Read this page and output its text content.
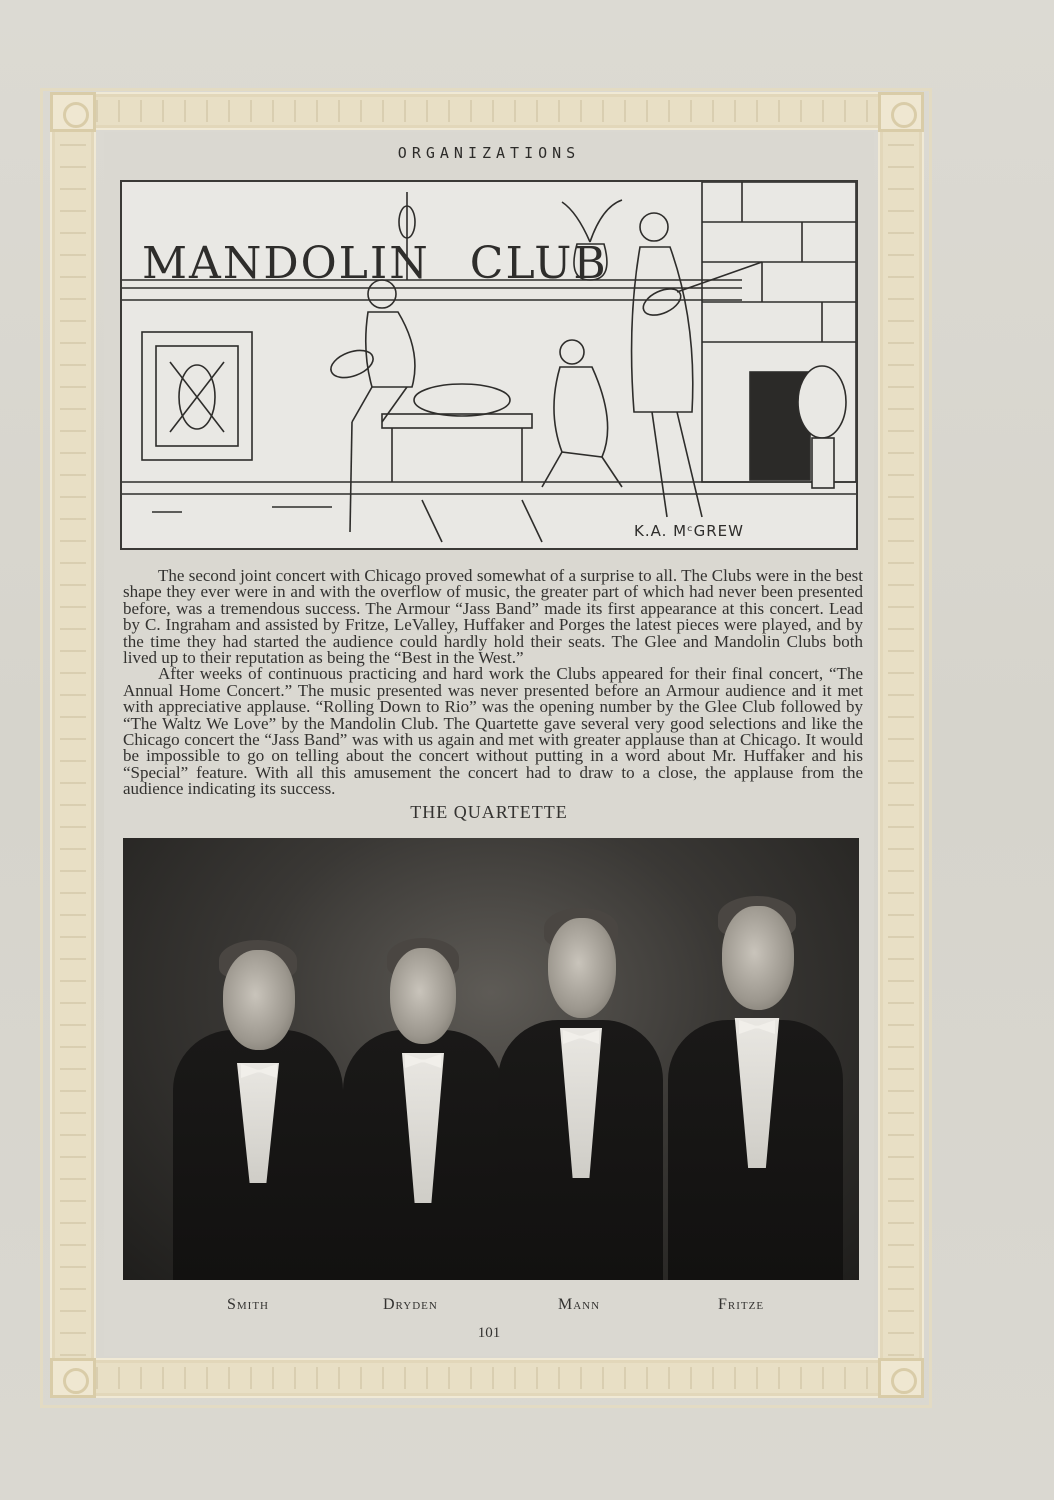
ORGANIZATIONS
MANDOLIN CLUB
K.A. MᶜGREW

The second joint concert with Chicago proved somewhat of a surprise to all. The Clubs were in the best shape they ever were in and with the overflow of music, the greater part of which had never been presented before, was a tremendous success. The Armour “Jass Band” made its first appearance at this concert. Lead by C. Ingraham and assisted by Fritze, LeValley, Huffaker and Porges the latest pieces were played, and by the time they had started the audience could hardly hold their seats. The Glee and Mandolin Clubs both lived up to their reputation as being the “Best in the West.”

After weeks of continuous practicing and hard work the Clubs appeared for their final concert, “The Annual Home Concert.” The music presented was never presented before an Armour audience and it met with appreciative applause. “Rolling Down to Rio” was the opening number by the Glee Club followed by “The Waltz We Love” by the Mandolin Club. The Quartette gave several very good selections and like the Chicago concert the “Jass Band” was with us again and met with greater applause than at Chicago. It would be impossible to go on telling about the concert without putting in a word about Mr. Huffaker and his “Special” feature. With all this amusement the concert had to draw to a close, the applause from the audience indicating its success.

THE QUARTETTE
Smith	Dryden	Mann	Fritze
101
